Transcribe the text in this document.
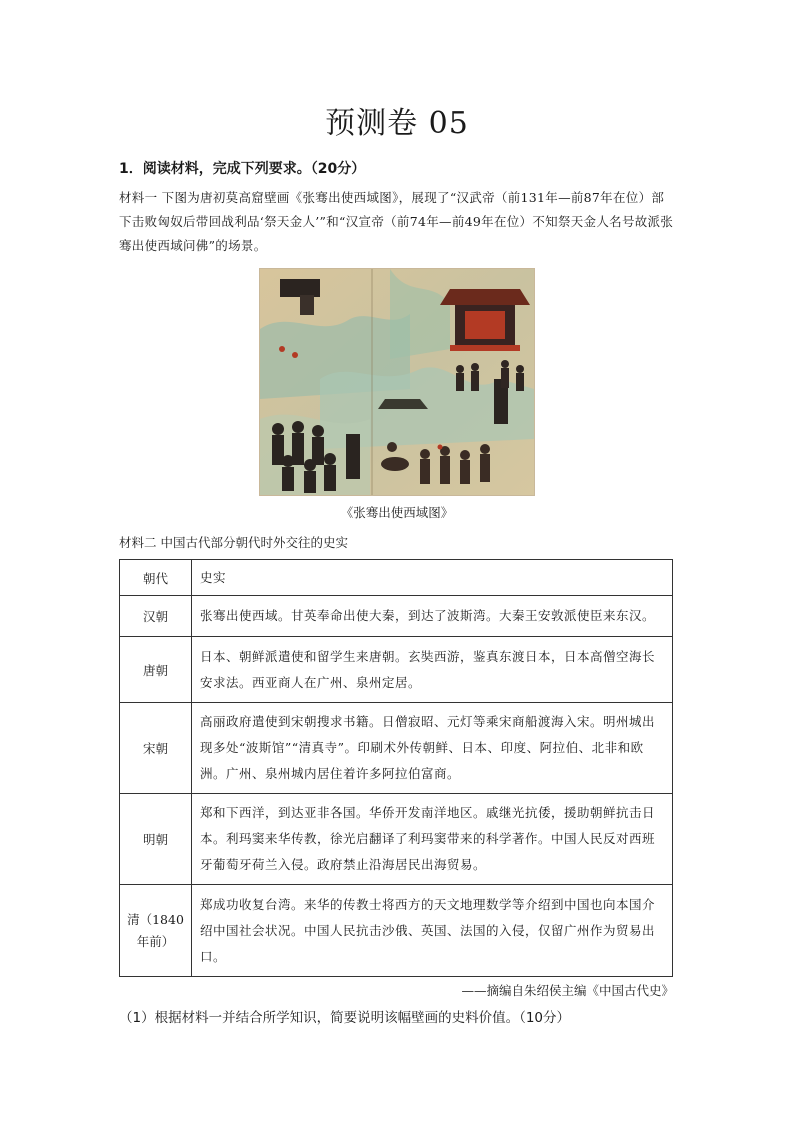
预测卷 05
1．阅读材料，完成下列要求。（20分）
材料一 下图为唐初莫高窟壁画《张骞出使西域图》，展现了“汉武帝（前131年—前87年在位）部下击败匈奴后带回战利品‘祭天金人’”和“汉宣帝（前74年—前49年在位）不知祭天金人名号故派张骞出使西域问佛”的场景。
《张骞出使西域图》
材料二 中国古代部分朝代时外交往的史实
朝代	史实
汉朝	张骞出使西域。甘英奉命出使大秦，到达了波斯湾。大秦王安敦派使臣来东汉。
唐朝	日本、朝鲜派遣使和留学生来唐朝。玄奘西游，鉴真东渡日本，日本高僧空海长安求法。西亚商人在广州、泉州定居。
宋朝	高丽政府遣使到宋朝搜求书籍。日僧寂昭、元灯等乘宋商船渡海入宋。明州城出现多处“波斯馆”“清真寺”。印刷术外传朝鲜、日本、印度、阿拉伯、北非和欧洲。广州、泉州城内居住着许多阿拉伯富商。
明朝	郑和下西洋，到达亚非各国。华侨开发南洋地区。戚继光抗倭，援助朝鲜抗击日本。利玛窦来华传教，徐光启翻译了利玛窦带来的科学著作。中国人民反对西班牙葡萄牙荷兰入侵。政府禁止沿海居民出海贸易。
清（1840年前）	郑成功收复台湾。来华的传教士将西方的天文地理数学等介绍到中国也向本国介绍中国社会状况。中国人民抗击沙俄、英国、法国的入侵，仅留广州作为贸易出口。
——摘编自朱绍侯主编《中国古代史》
（1）根据材料一并结合所学知识，简要说明该幅壁画的史料价值。（10分）
